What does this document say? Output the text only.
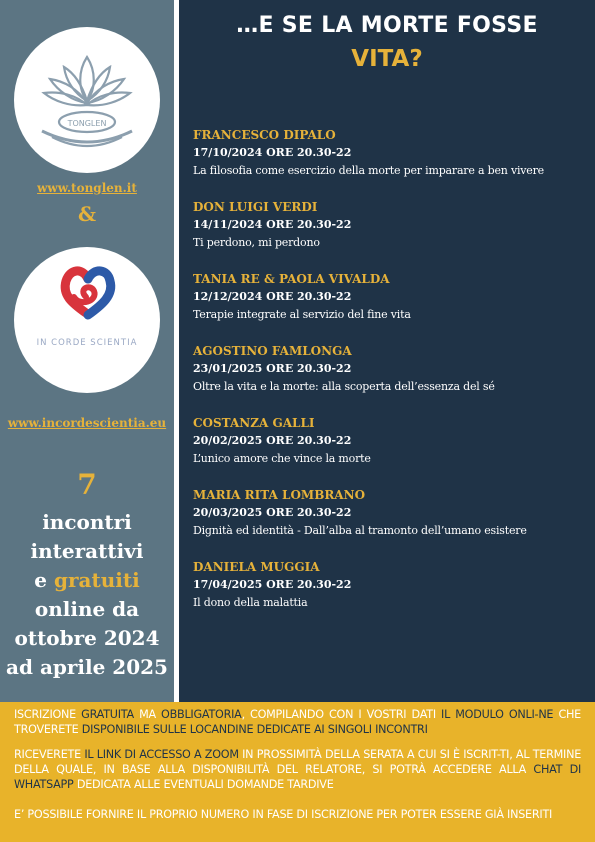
TONGLEN
www.tonglen.it
&
IN CORDE SCIENTIA
www.incordescientia.eu
7
incontri
interattivi
e gratuiti
online da
ottobre 2024
ad aprile 2025
…E SE LA MORTE FOSSE
VITA?
FRANCESCO DIPALO
17/10/2024 ORE 20.30-22
La filosofia come esercizio della morte per imparare a ben vivere
DON LUIGI VERDI
14/11/2024 ORE 20.30-22
Ti perdono, mi perdono
TANIA RE & PAOLA VIVALDA
12/12/2024 ORE 20.30-22
Terapie integrate al servizio del fine vita
AGOSTINO FAMLONGA
23/01/2025 ORE 20.30-22
Oltre la vita e la morte: alla scoperta dell’essenza del sé
COSTANZA GALLI
20/02/2025 ORE 20.30-22
L’unico amore che vince la morte
MARIA RITA LOMBRANO
20/03/2025 ORE 20.30-22
Dignità ed identità - Dall’alba al tramonto dell’umano esistere
DANIELA MUGGIA
17/04/2025 ORE 20.30-22
Il dono della malattia
ISCRIZIONE GRATUITA MA OBBLIGATORIA, COMPILANDO CON I VOSTRI DATI IL MODULO ONLI-NE CHE TROVERETE DISPONIBILE SULLE LOCANDINE DEDICATE AI SINGOLI INCONTRI
RICEVERETE IL LINK DI ACCESSO A ZOOM IN PROSSIMITÀ DELLA SERATA A CUI SI È ISCRIT-TI, AL TERMINE DELLA QUALE, IN BASE ALLA DISPONIBILITÀ DEL RELATORE, SI POTRÀ ACCEDERE ALLA CHAT DI WHATSAPP DEDICATA ALLE EVENTUALI DOMANDE TARDIVE
E’ POSSIBILE FORNIRE IL PROPRIO NUMERO IN FASE DI ISCRIZIONE PER POTER ESSERE GIÀ INSERITI
